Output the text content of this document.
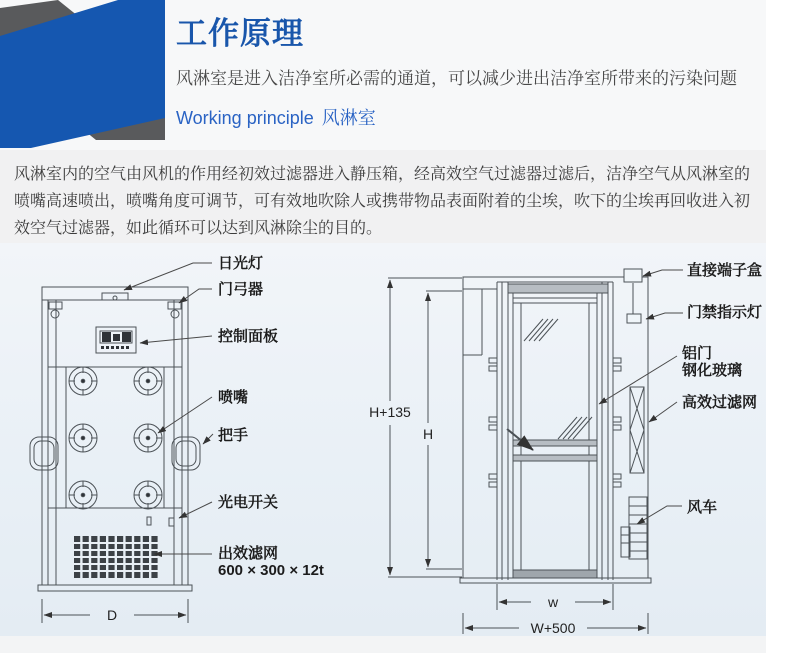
工作原理
风淋室是进入洁净室所必需的通道，可以减少进出洁净室所带来的污染问题
Working principle 风淋室
风淋室内的空气由风机的作用经初效过滤器进入静压箱，经高效空气过滤器过滤后，洁净空气从风淋室的喷嘴高速喷出，喷嘴角度可调节，可有效地吹除人或携带物品表面附着的尘埃，吹下的尘埃再回收进入初效空气过滤器，如此循环可以达到风淋除尘的目的。
日光灯
门弓器
控制面板
喷嘴
把手
光电开关
出效滤网
600 × 300 × 12t
直接端子盒
门禁指示灯
铝门
钢化玻璃
高效过滤网
风车
D
H+135
H
w
W+500
